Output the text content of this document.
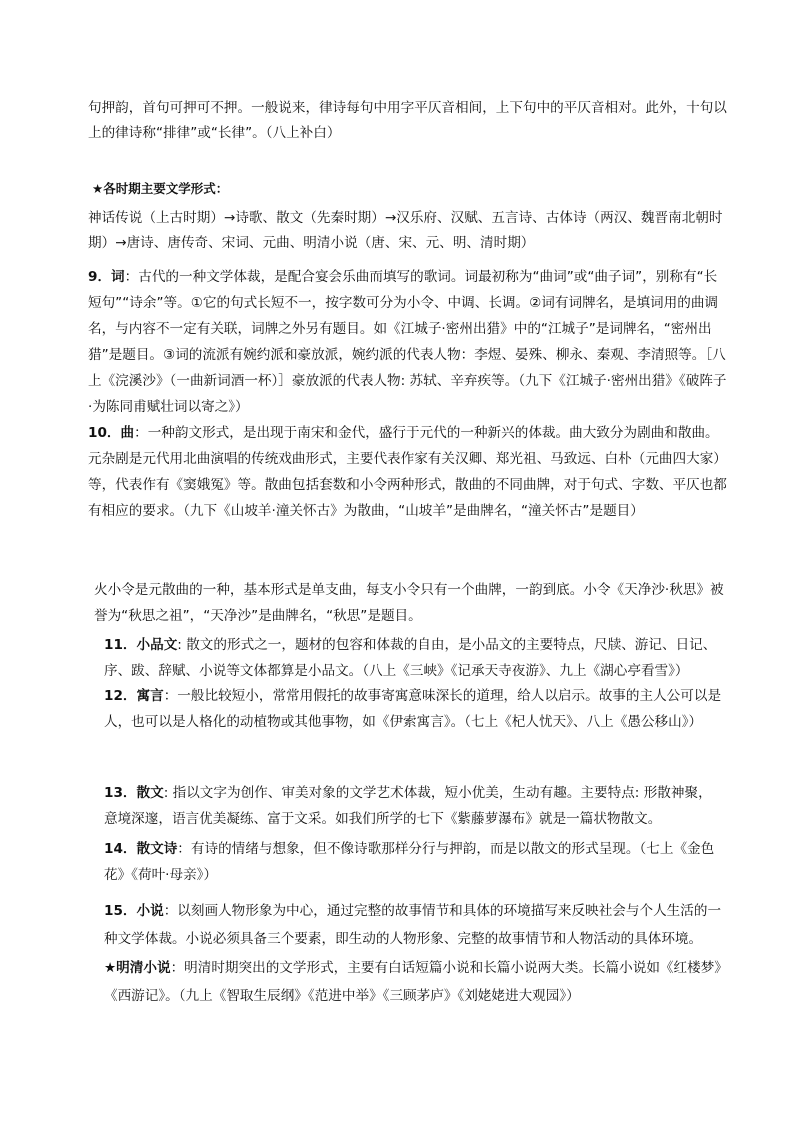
句押韵，首句可押可不押。一般说来，律诗每句中用字平仄音相间，上下句中的平仄音相对。此外，十句以上的律诗称“排律”或“长律”。（八上补白）
★各时期主要文学形式：
神话传说（上古时期）→诗歌、散文（先秦时期）→汉乐府、汉赋、五言诗、古体诗（两汉、魏晋南北朝时期）→唐诗、唐传奇、宋词、元曲、明清小说（唐、宋、元、明、清时期）
9．词：古代的一种文学体裁，是配合宴会乐曲而填写的歌词。词最初称为“曲词”或“曲子词”，别称有“长短句”“诗余”等。①它的句式长短不一，按字数可分为小令、中调、长调。②词有词牌名，是填词用的曲调名，与内容不一定有关联，词牌之外另有题目。如《江城子·密州出猎》中的“江城子”是词牌名，“密州出猎”是题目。③词的流派有婉约派和豪放派，婉约派的代表人物：李煜、晏殊、柳永、秦观、李清照等。［八上《浣溪沙》（一曲新词酒一杯）］豪放派的代表人物: 苏轼、辛弃疾等。（九下《江城子·密州出猎》《破阵子·为陈同甫赋壮词以寄之》）
10．曲：一种韵文形式，是出现于南宋和金代，盛行于元代的一种新兴的体裁。曲大致分为剧曲和散曲。元杂剧是元代用北曲演唱的传统戏曲形式，主要代表作家有关汉卿、郑光祖、马致远、白朴（元曲四大家）等，代表作有《窦娥冤》等。散曲包括套数和小令两种形式，散曲的不同曲牌，对于句式、字数、平仄也都有相应的要求。（九下《山坡羊·潼关怀古》为散曲，“山坡羊”是曲牌名，“潼关怀古”是题目）
火小令是元散曲的一种，基本形式是单支曲，每支小令只有一个曲牌，一韵到底。小令《天净沙·秋思》被誉为“秋思之祖”，“天净沙”是曲牌名，“秋思”是题目。
11．小品文: 散文的形式之一，题材的包容和体裁的自由，是小品文的主要特点，尺牍、游记、日记、序、跋、辞赋、小说等文体都算是小品文。（八上《三峡》《记承天寺夜游》、九上《湖心亭看雪》）
12．寓言：一般比较短小，常常用假托的故事寄寓意味深长的道理，给人以启示。故事的主人公可以是人，也可以是人格化的动植物或其他事物，如《伊索寓言》。（七上《杞人忧天》、八上《愚公移山》）
13．散文: 指以文字为创作、审美对象的文学艺术体裁，短小优美，生动有趣。主要特点: 形散神聚，意境深邃，语言优美凝练、富于文采。如我们所学的七下《紫藤萝瀑布》就是一篇状物散文。
14．散文诗：有诗的情绪与想象，但不像诗歌那样分行与押韵，而是以散文的形式呈现。（七上《金色花》《荷叶·母亲》）
15．小说：以刻画人物形象为中心，通过完整的故事情节和具体的环境描写来反映社会与个人生活的一种文学体裁。小说必须具备三个要素，即生动的人物形象、完整的故事情节和人物活动的具体环境。
★明清小说：明清时期突出的文学形式，主要有白话短篇小说和长篇小说两大类。长篇小说如《红楼梦》《西游记》。（九上《智取生辰纲》《范进中举》《三顾茅庐》《刘姥姥进大观园》）
